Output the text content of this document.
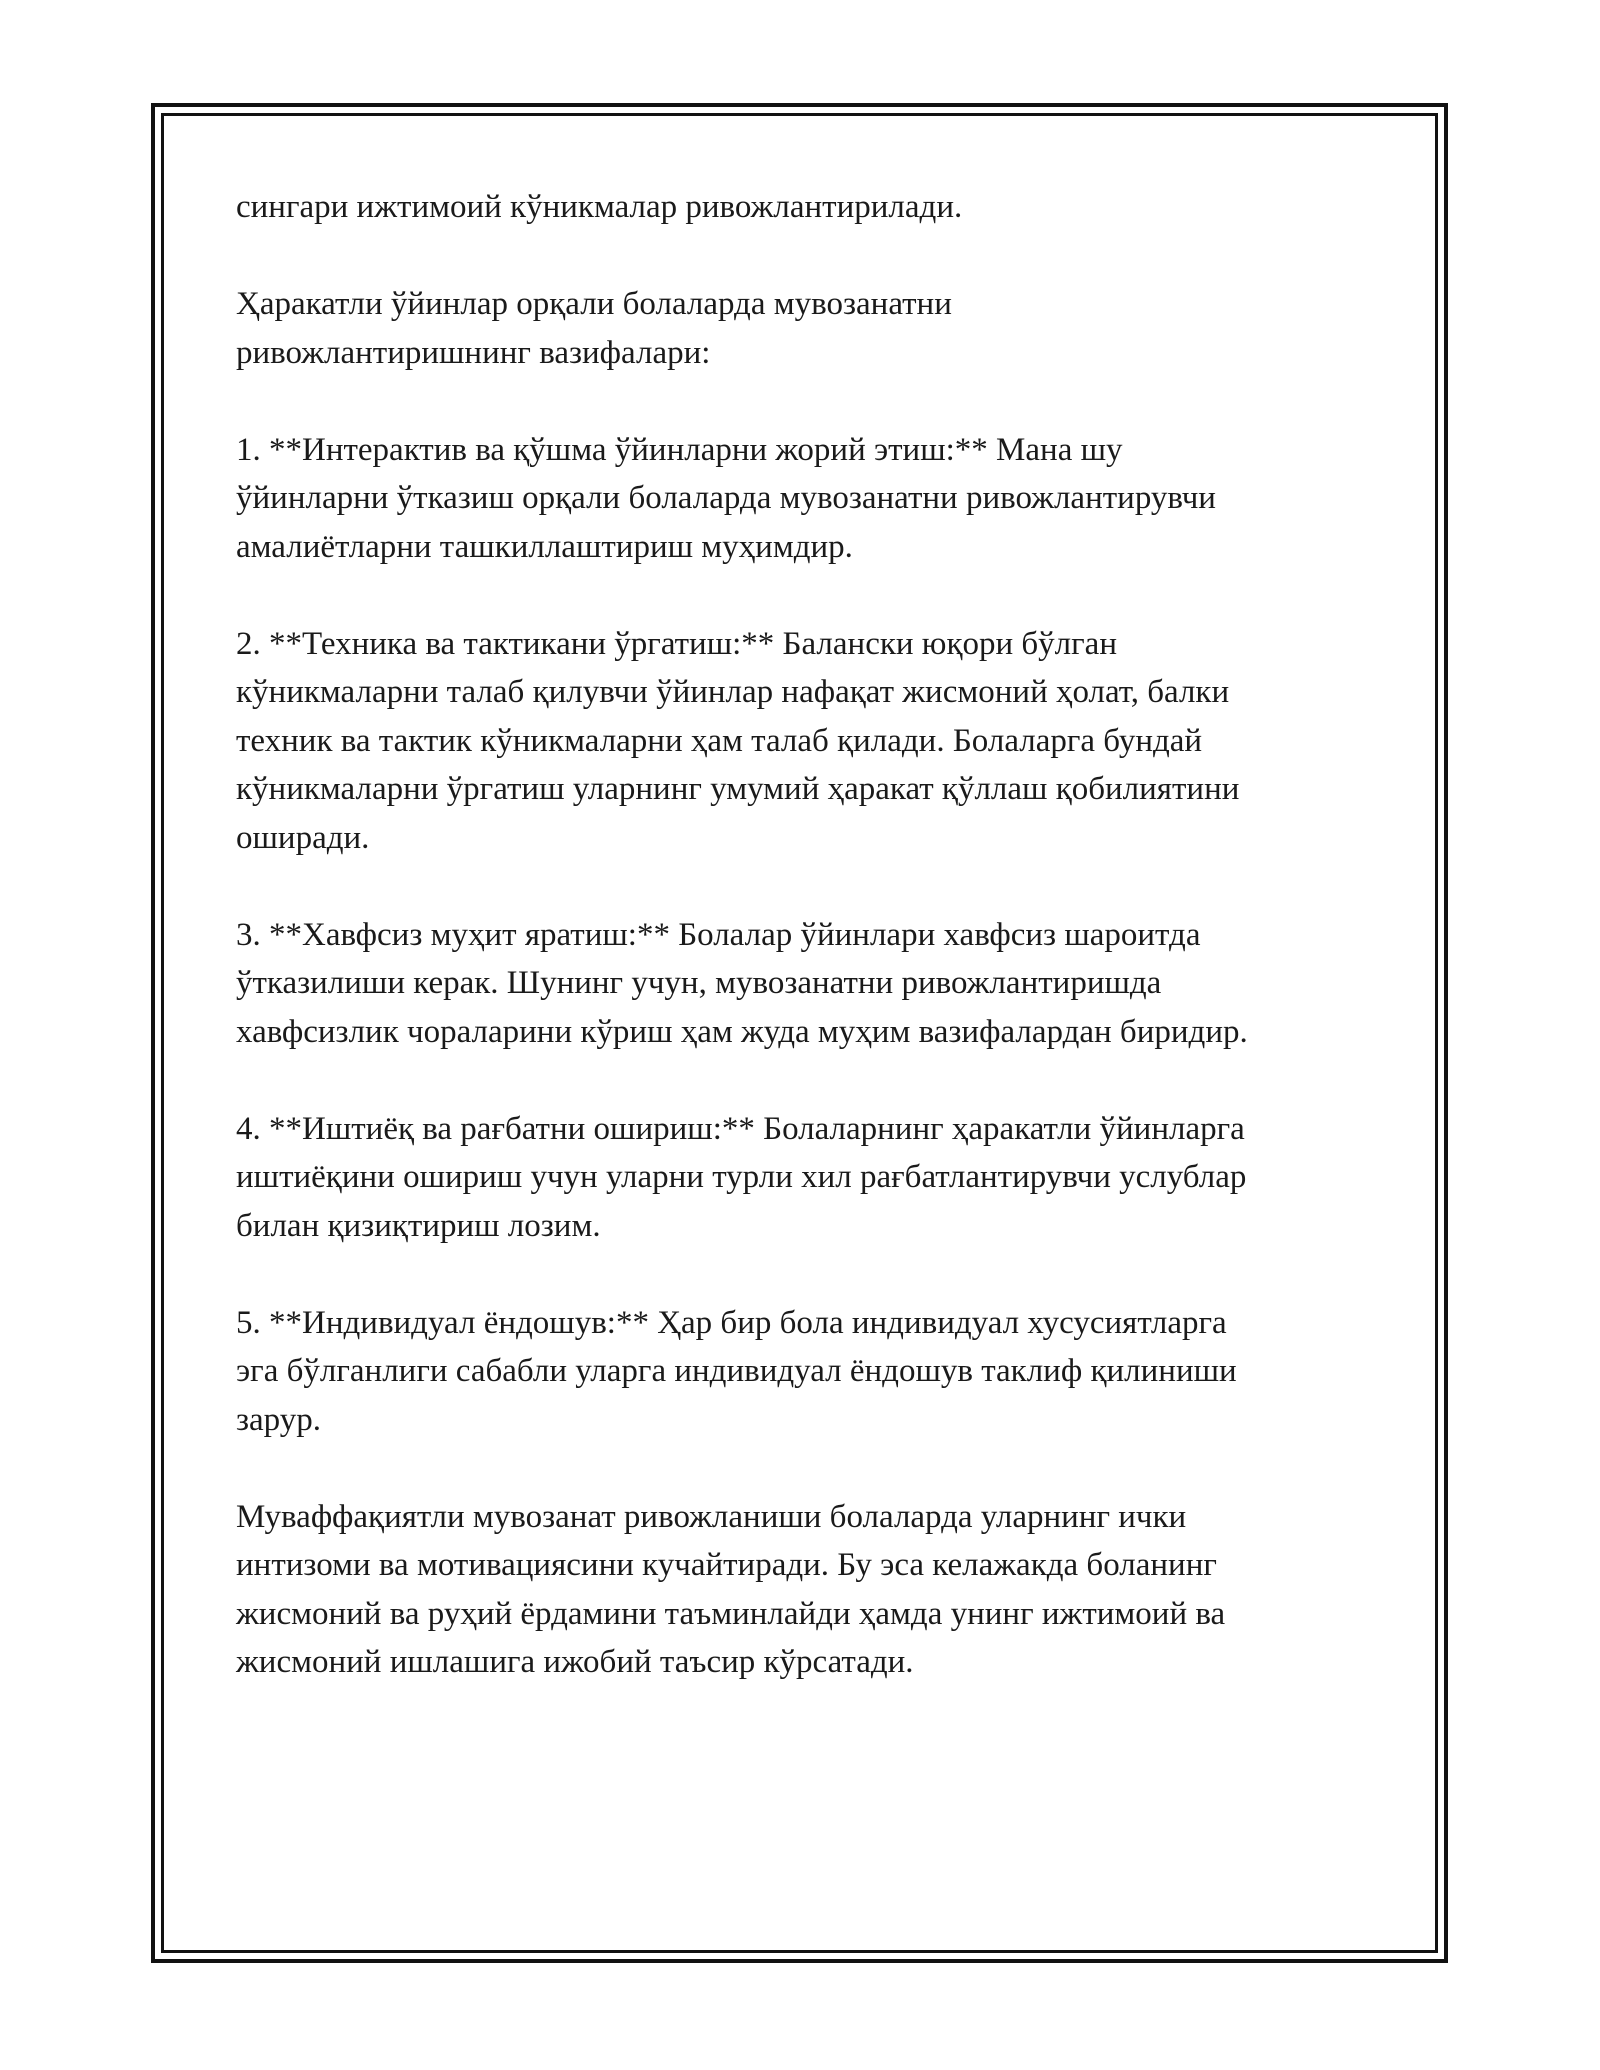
сингари ижтимоий кўникмалар ривожлантирилади.

Ҳаракатли ўйинлар орқали болаларда мувозанатни
ривожлантиришнинг вазифалари:

1. **Интерактив ва қўшма ўйинларни жорий этиш:** Мана шу
ўйинларни ўтказиш орқали болаларда мувозанатни ривожлантирувчи
амалиётларни ташкиллаштириш муҳимдир.

2. **Техника ва тактикани ўргатиш:** Балански юқори бўлган
кўникмаларни талаб қилувчи ўйинлар нафақат жисмоний ҳолат, балки
техник ва тактик кўникмаларни ҳам талаб қилади. Болаларга бундай
кўникмаларни ўргатиш уларнинг умумий ҳаракат қўллаш қобилиятини
оширади.

3. **Хавфсиз муҳит яратиш:** Болалар ўйинлари хавфсиз шароитда
ўтказилиши керак. Шунинг учун, мувозанатни ривожлантиришда
хавфсизлик чораларини кўриш ҳам жуда муҳим вазифалардан биридир.

4. **Иштиёқ ва рағбатни ошириш:** Болаларнинг ҳаракатли ўйинларга
иштиёқини ошириш учун уларни турли хил рағбатлантирувчи услублар
билан қизиқтириш лозим.

5. **Индивидуал ёндошув:** Ҳар бир бола индивидуал хусусиятларга
эга бўлганлиги сабабли уларга индивидуал ёндошув таклиф қилиниши
зарур.

Муваффақиятли мувозанат ривожланиши болаларда уларнинг ички
интизоми ва мотивациясини кучайтиради. Бу эса келажакда боланинг
жисмоний ва руҳий ёрдамини таъминлайди ҳамда унинг ижтимоий ва
жисмоний ишлашига ижобий таъсир кўрсатади.
